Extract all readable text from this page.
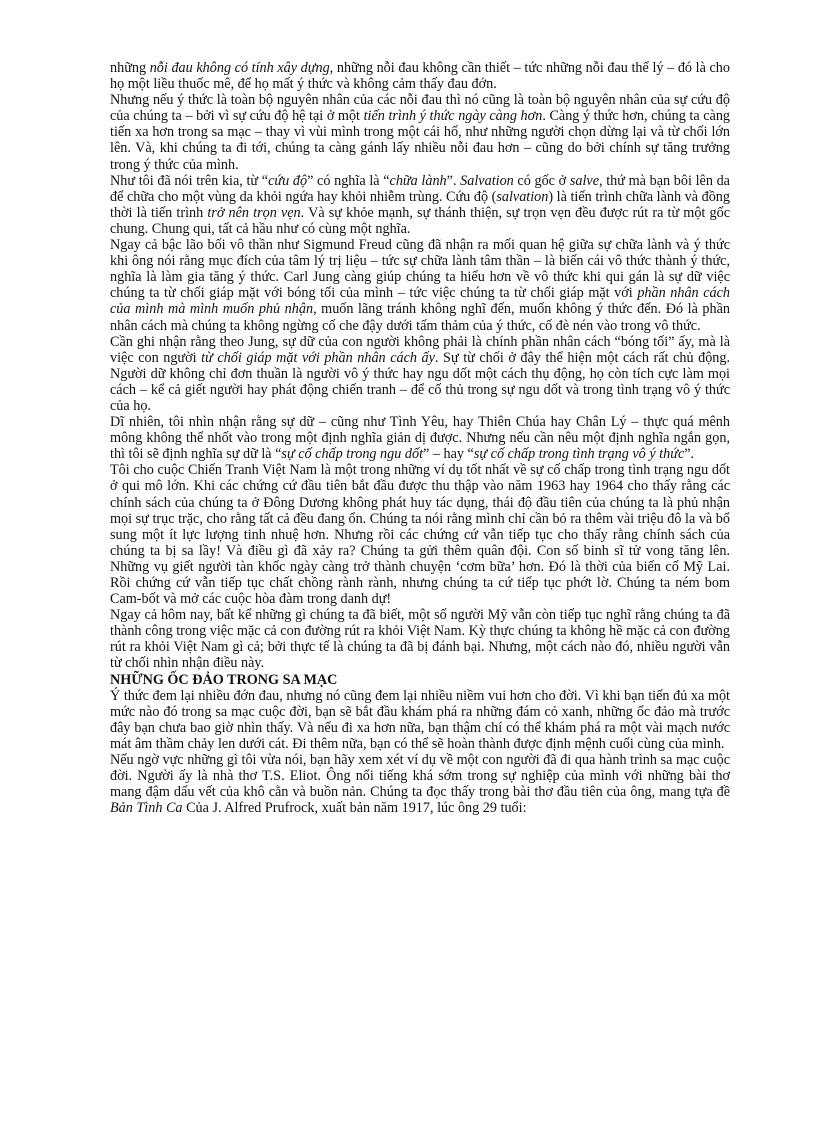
những nỗi đau không có tính xây dựng, những nỗi đau không cần thiết – tức những nỗi đau thể lý – đó là cho họ một liều thuốc mê, để họ mất ý thức và không cảm thấy đau đớn.

Nhưng nếu ý thức là toàn bộ nguyên nhân của các nỗi đau thì nó cũng là toàn bộ nguyên nhân của sự cứu độ của chúng ta – bởi vì sự cứu độ hệ tại ở một tiến trình ý thức ngày càng hơn. Càng ý thức hơn, chúng ta càng tiến xa hơn trong sa mạc – thay vì vùi mình trong một cái hố, như những người chọn dừng lại và từ chối lớn lên. Và, khi chúng ta đi tới, chúng ta càng gánh lấy nhiều nỗi đau hơn – cũng do bởi chính sự tăng trưởng trong ý thức của mình.

Như tôi đã nói trên kia, từ “cứu độ” có nghĩa là “chữa lành”. Salvation có gốc ở salve, thứ mà bạn bôi lên da để chữa cho một vùng da khỏi ngứa hay khỏi nhiễm trùng. Cứu độ (salvation) là tiến trình chữa lành và đồng thời là tiến trình trở nên trọn vẹn. Và sự khỏe mạnh, sự thánh thiện, sự trọn vẹn đều được rút ra từ một gốc chung. Chung qui, tất cả hầu như có cùng một nghĩa.

Ngay cả bậc lão bối vô thần như Sigmund Freud cũng đã nhận ra mối quan hệ giữa sự chữa lành và ý thức khi ông nói rằng mục đích của tâm lý trị liệu – tức sự chữa lành tâm thần – là biến cái vô thức thành ý thức, nghĩa là làm gia tăng ý thức. Carl Jung càng giúp chúng ta hiểu hơn về vô thức khi qui gán là sự dữ việc chúng ta từ chối giáp mặt với bóng tối của mình – tức việc chúng ta từ chối giáp mặt với phần nhân cách của mình mà mình muốn phủ nhận, muốn lãng tránh không nghĩ đến, muốn không ý thức đến. Đó là phần nhân cách mà chúng ta không ngừng cố che đậy dưới tấm thảm của ý thức, cố đè nén vào trong vô thức.

Cần ghi nhận rằng theo Jung, sự dữ của con người không phải là chính phần nhân cách “bóng tối” ấy, mà là việc con người từ chối giáp mặt với phần nhân cách ấy. Sự từ chối ở đây thể hiện một cách rất chủ động. Người dữ không chỉ đơn thuần là người vô ý thức hay ngu dốt một cách thụ động, họ còn tích cực làm mọi cách – kể cả giết người hay phát động chiến tranh – để cố thủ trong sự ngu dốt và trong tình trạng vô ý thức của họ.

Dĩ nhiên, tôi nhìn nhận rằng sự dữ – cũng như Tình Yêu, hay Thiên Chúa hay Chân Lý – thực quá mênh mông không thể nhốt vào trong một định nghĩa giản dị được. Nhưng nếu cần nêu một định nghĩa ngắn gọn, thì tôi sẽ định nghĩa sự dữ là “sự cố chấp trong ngu dốt” – hay “sự cố chấp trong tình trạng vô ý thức”.

Tôi cho cuộc Chiến Tranh Việt Nam là một trong những ví dụ tốt nhất về sự cố chấp trong tình trạng ngu dốt ở qui mô lớn. Khi các chứng cứ đầu tiên bắt đầu được thu thập vào năm 1963 hay 1964 cho thấy rằng các chính sách của chúng ta ở Đông Dương không phát huy tác dụng, thái độ đầu tiên của chúng ta là phủ nhận mọi sự trục trặc, cho rằng tất cả đều đang ổn. Chúng ta nói rằng mình chỉ cần bỏ ra thêm vài triệu đô la và bổ sung một ít lực lượng tinh nhuệ hơn. Nhưng rồi các chứng cứ vẫn tiếp tục cho thấy rằng chính sách của chúng ta bị sa lầy! Và điều gì đã xảy ra? Chúng ta gửi thêm quân đội. Con số binh sĩ tử vong tăng lên. Những vụ giết người tàn khốc ngày càng trở thành chuyện ‘cơm bữa’ hơn. Đó là thời của biến cố Mỹ Lai. Rồi chứng cứ vẫn tiếp tục chất chồng rành rành, nhưng chúng ta cứ tiếp tục phớt lờ. Chúng ta ném bom Cam-bốt và mở các cuộc hòa đàm trong danh dự!

Ngay cả hôm nay, bất kể những gì chúng ta đã biết, một số người Mỹ vẫn còn tiếp tục nghĩ rằng chúng ta đã thành công trong việc mặc cả con đường rút ra khỏi Việt Nam. Kỳ thực chúng ta không hề mặc cả con đường rút ra khỏi Việt Nam gì cả; bởi thực tế là chúng ta đã bị đánh bại. Nhưng, một cách nào đó, nhiều người vẫn từ chối nhìn nhận điều này.

NHỮNG ỐC ĐẢO TRONG SA MẠC

Ý thức đem lại nhiều đớn đau, nhưng nó cũng đem lại nhiều niềm vui hơn cho đời. Vì khi bạn tiến đủ xa một mức nào đó trong sa mạc cuộc đời, bạn sẽ bắt đầu khám phá ra những đám cỏ xanh, những ốc đảo mà trước đây bạn chưa bao giờ nhìn thấy. Và nếu đi xa hơn nữa, bạn thậm chí có thể khám phá ra một vài mạch nước mát âm thầm chảy len dưới cát. Đi thêm nữa, bạn có thể sẽ hoàn thành được định mệnh cuối cùng của mình.

Nếu ngờ vực những gì tôi vừa nói, bạn hãy xem xét ví dụ về một con người đã đi qua hành trình sa mạc cuộc đời. Người ấy là nhà thơ T.S. Eliot. Ông nổi tiếng khá sớm trong sự nghiệp của mình với những bài thơ mang đậm dấu vết của khô cằn và buồn nản. Chúng ta đọc thấy trong bài thơ đầu tiên của ông, mang tựa đề Bản Tình Ca Của J. Alfred Prufrock, xuất bản năm 1917, lúc ông 29 tuổi:
